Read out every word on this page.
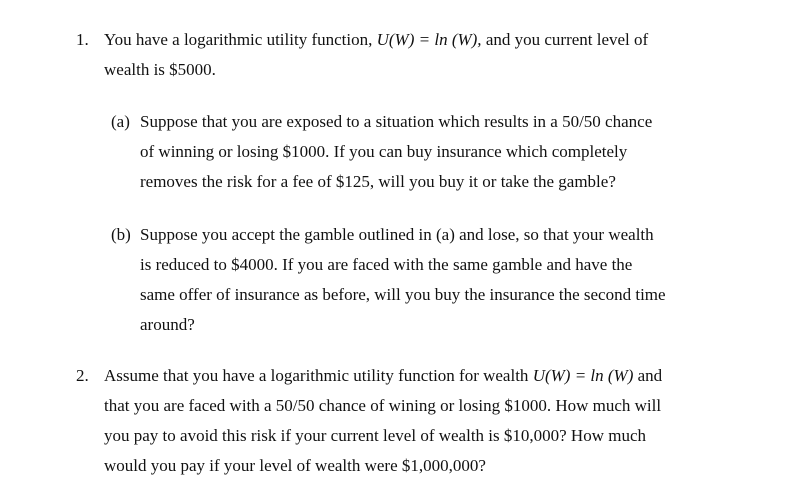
1. You have a logarithmic utility function, U(W) = ln (W), and you current level of
wealth is $5000.
(a) Suppose that you are exposed to a situation which results in a 50/50 chance
of winning or losing $1000. If you can buy insurance which completely
removes the risk for a fee of $125, will you buy it or take the gamble?
(b) Suppose you accept the gamble outlined in (a) and lose, so that your wealth
is reduced to $4000. If you are faced with the same gamble and have the
same offer of insurance as before, will you buy the insurance the second time
around?
2. Assume that you have a logarithmic utility function for wealth U(W) = ln (W) and
that you are faced with a 50/50 chance of wining or losing $1000. How much will
you pay to avoid this risk if your current level of wealth is $10,000? How much
would you pay if your level of wealth were $1,000,000?
